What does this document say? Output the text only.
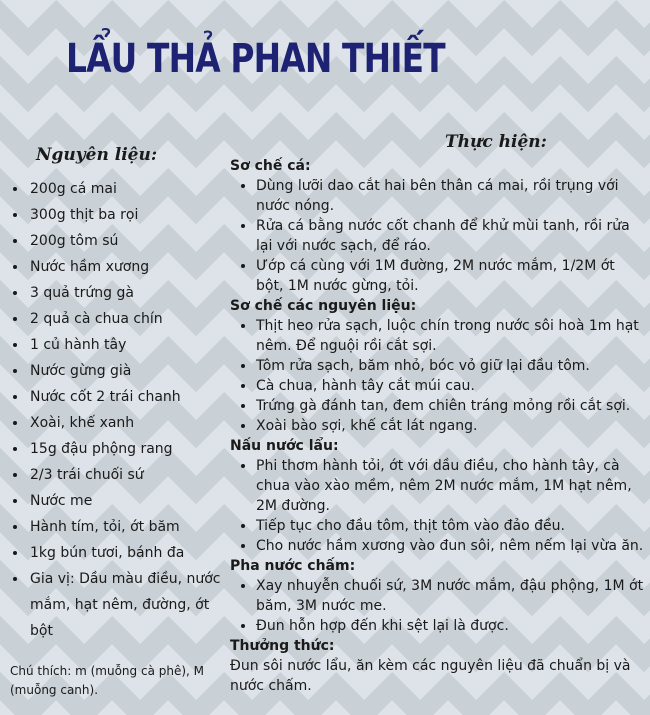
LẨU THẢ PHAN THIẾT
Nguyên liệu:
• 200g cá mai
• 300g thịt ba rọi
• 200g tôm sú
• Nước hầm xương
• 3 quả trứng gà
• 2 quả cà chua chín
• 1 củ hành tây
• Nước gừng già
• Nước cốt 2 trái chanh
• Xoài, khế xanh
• 15g đậu phộng rang
• 2/3 trái chuối sứ
• Nước me
• Hành tím, tỏi, ớt băm
• 1kg bún tươi, bánh đa
• Gia vị: Dầu màu điều, nước mắm, hạt nêm, đường, ớt bột
Chú thích: m (muỗng cà phê), M (muỗng canh).
Thực hiện:
Sơ chế cá:
• Dùng lưỡi dao cắt hai bên thân cá mai, rồi trụng với nước nóng.
• Rửa cá bằng nước cốt chanh để khử mùi tanh, rồi rửa lại với nước sạch, để ráo.
• Ướp cá cùng với 1M đường, 2M nước mắm, 1/2M ớt bột, 1M nước gừng, tỏi.
Sơ chế các nguyên liệu:
• Thịt heo rửa sạch, luộc chín trong nước sôi hoà 1m hạt nêm. Để nguội rồi cắt sợi.
• Tôm rửa sạch, băm nhỏ, bóc vỏ giữ lại đầu tôm.
• Cà chua, hành tây cắt múi cau.
• Trứng gà đánh tan, đem chiên tráng mỏng rồi cắt sợi.
• Xoài bào sợi, khế cắt lát ngang.
Nấu nước lẩu:
• Phi thơm hành tỏi, ớt với dầu điều, cho hành tây, cà chua vào xào mềm, nêm 2M nước mắm, 1M hạt nêm, 2M đường.
• Tiếp tục cho đầu tôm, thịt tôm vào đảo đều.
• Cho nước hầm xương vào đun sôi, nêm nếm lại vừa ăn.
Pha nước chấm:
• Xay nhuyễn chuối sứ, 3M nước mắm, đậu phộng, 1M ớt băm, 3M nước me.
• Đun hỗn hợp đến khi sệt lại là được.
Thưởng thức:

Đun sôi nước lẩu, ăn kèm các nguyên liệu đã chuẩn bị và nước chấm.
